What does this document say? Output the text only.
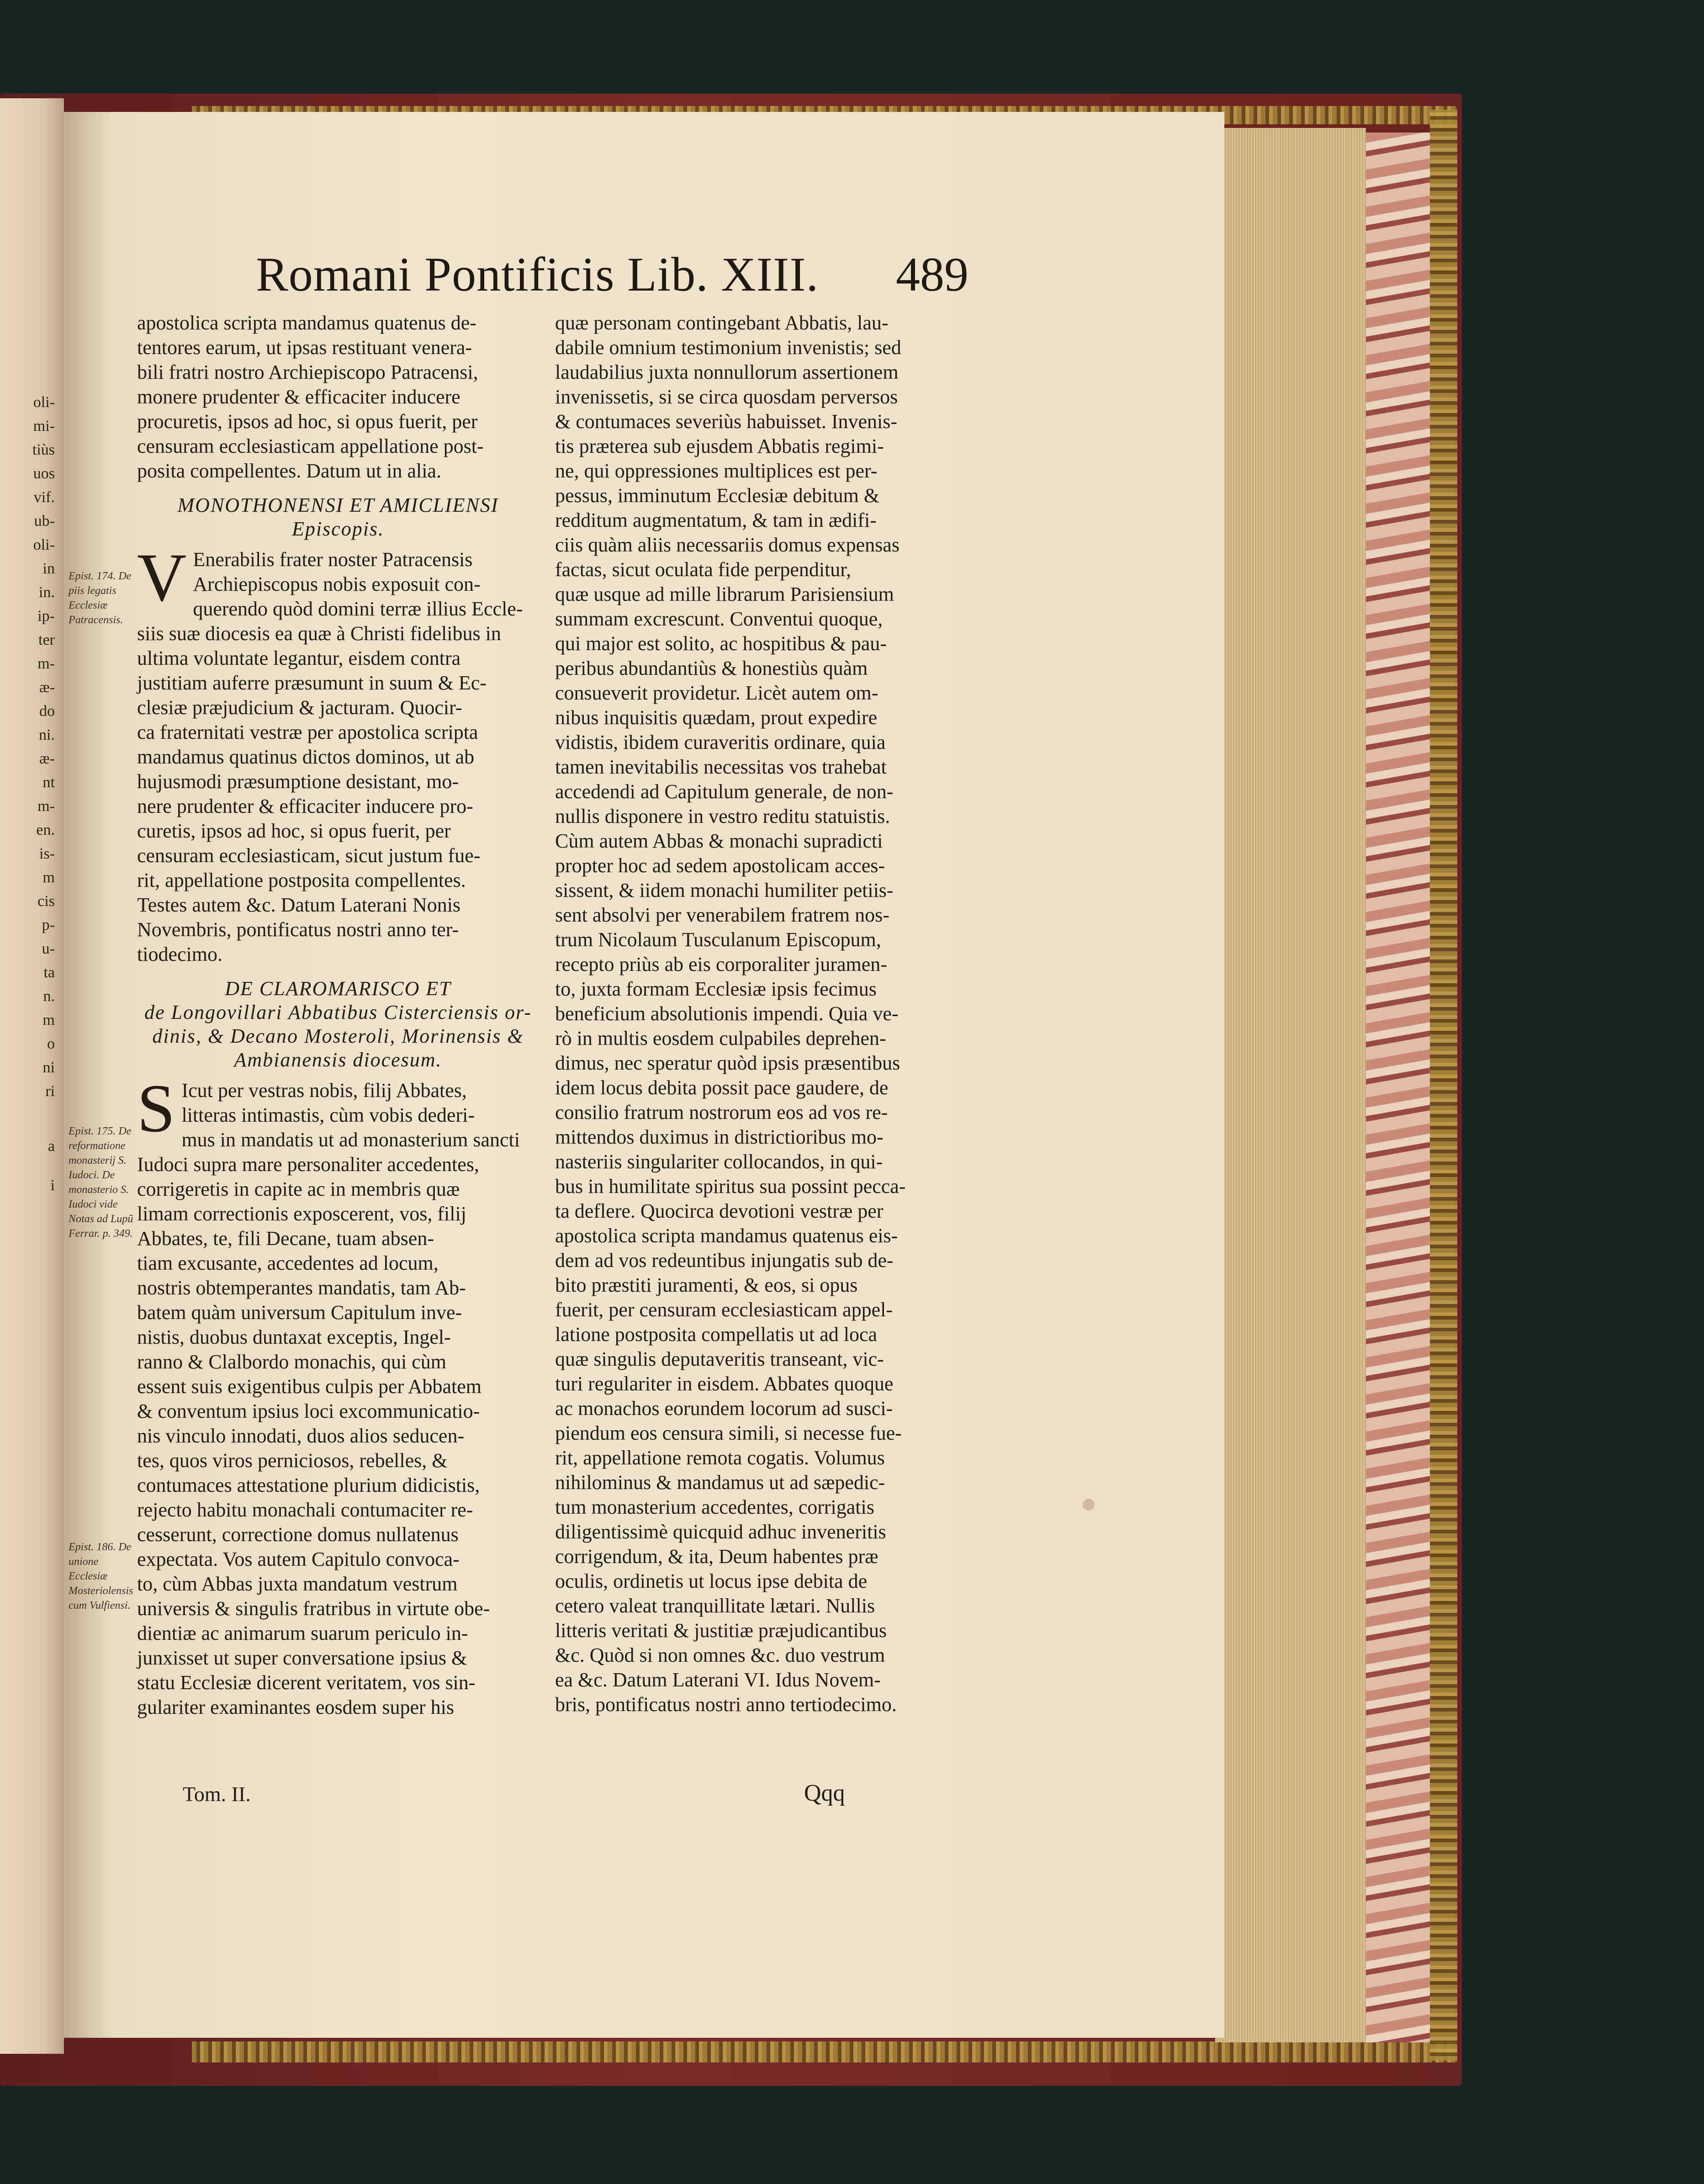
oli-
mi-
tiùs
uos
vif.
ub-
oli-
in
in.
ip-
ter
m-
æ-
do
ni.
æ-
nt
m-
en.
is-
m
cis
p-
u-
ta
n.
m
o
ni
ri
a
i
Romani Pontificis Lib. XIII. 489
Epist. 174. De piis legatis Ecclesiæ Patracensis.
Epist. 175. De reformatione monasterij S. Iudoci. De monasterio S. Iudoci vide Notas ad Lupũ Ferrar. p. 349.
Epist. 186. De unione Ecclesiæ Mosteriolensis cum Vulfiensi.
apostolica scripta mandamus quatenus de-
tentores earum, ut ipsas restituant venera-
bili fratri nostro Archiepiscopo Patracensi,
monere prudenter & efficaciter inducere
procuretis, ipsos ad hoc, si opus fuerit, per
censuram ecclesiasticam appellatione post-
posita compellentes. Datum ut in alia.

MONOTHONENSI ET AMICLIENSI
Episcopis.

V Enerabilis frater noster Patracensis
Archiepiscopus nobis exposuit con-
querendo quòd domini terræ illius Eccle-
siis suæ diocesis ea quæ à Christi fidelibus in
ultima voluntate legantur, eisdem contra
justitiam auferre præsumunt in suum & Ec-
clesiæ præjudicium & jacturam. Quocir-
ca fraternitati vestræ per apostolica scripta
mandamus quatinus dictos dominos, ut ab
hujusmodi præsumptione desistant, mo-
nere prudenter & efficaciter inducere pro-
curetis, ipsos ad hoc, si opus fuerit, per
censuram ecclesiasticam, sicut justum fue-
rit, appellatione postposita compellentes.
Testes autem &c. Datum Laterani Nonis
Novembris, pontificatus nostri anno ter-
tiodecimo.

DE CLAROMARISCO ET
de Longovillari Abbatibus Cisterciensis or-
dinis, & Decano Mosteroli, Morinensis &
Ambianensis diocesum.

S Icut per vestras nobis, filij Abbates,
litteras intimastis, cùm vobis dederi-
mus in mandatis ut ad monasterium sancti
Iudoci supra mare personaliter accedentes,
corrigeretis in capite ac in membris quæ
limam correctionis exposcerent, vos, filij
Abbates, te, fili Decane, tuam absen-
tiam excusante, accedentes ad locum,
nostris obtemperantes mandatis, tam Ab-
batem quàm universum Capitulum inve-
nistis, duobus duntaxat exceptis, Ingel-
ranno & Clalbordo monachis, qui cùm
essent suis exigentibus culpis per Abbatem
& conventum ipsius loci excommunicatio-
nis vinculo innodati, duos alios seducen-
tes, quos viros perniciosos, rebelles, &
contumaces attestatione plurium didicistis,
rejecto habitu monachali contumaciter re-
cesserunt, correctione domus nullatenus
expectata. Vos autem Capitulo convoca-
to, cùm Abbas juxta mandatum vestrum
universis & singulis fratribus in virtute obe-
dientiæ ac animarum suarum periculo in-
junxisset ut super conversatione ipsius &
statu Ecclesiæ dicerent veritatem, vos sin-
gulariter examinantes eosdem super his
quæ personam contingebant Abbatis, lau-
dabile omnium testimonium invenistis; sed
laudabilius juxta nonnullorum assertionem
invenissetis, si se circa quosdam perversos
& contumaces severiùs habuisset. Invenis-
tis præterea sub ejusdem Abbatis regimi-
ne, qui oppressiones multiplices est per-
pessus, imminutum Ecclesiæ debitum &
redditum augmentatum, & tam in ædifi-
ciis quàm aliis necessariis domus expensas
factas, sicut oculata fide perpenditur,
quæ usque ad mille librarum Parisiensium
summam excrescunt. Conventui quoque,
qui major est solito, ac hospitibus & pau-
peribus abundantiùs & honestiùs quàm
consueverit providetur. Licèt autem om-
nibus inquisitis quædam, prout expedire
vidistis, ibidem curaveritis ordinare, quia
tamen inevitabilis necessitas vos trahebat
accedendi ad Capitulum generale, de non-
nullis disponere in vestro reditu statuistis.
Cùm autem Abbas & monachi supradicti
propter hoc ad sedem apostolicam acces-
sissent, & iidem monachi humiliter petiis-
sent absolvi per venerabilem fratrem nos-
trum Nicolaum Tusculanum Episcopum,
recepto priùs ab eis corporaliter juramen-
to, juxta formam Ecclesiæ ipsis fecimus
beneficium absolutionis impendi. Quia ve-
rò in multis eosdem culpabiles deprehen-
dimus, nec speratur quòd ipsis præsentibus
idem locus debita possit pace gaudere, de
consilio fratrum nostrorum eos ad vos re-
mittendos duximus in districtioribus mo-
nasteriis singulariter collocandos, in qui-
bus in humilitate spiritus sua possint pecca-
ta deflere. Quocirca devotioni vestræ per
apostolica scripta mandamus quatenus eis-
dem ad vos redeuntibus injungatis sub de-
bito præstiti juramenti, & eos, si opus
fuerit, per censuram ecclesiasticam appel-
latione postposita compellatis ut ad loca
quæ singulis deputaveritis transeant, vic-
turi regulariter in eisdem. Abbates quoque
ac monachos eorundem locorum ad susci-
piendum eos censura simili, si necesse fue-
rit, appellatione remota cogatis. Volumus
nihilominus & mandamus ut ad sæpedic-
tum monasterium accedentes, corrigatis
diligentissimè quicquid adhuc inveneritis
corrigendum, & ita, Deum habentes præ
oculis, ordinetis ut locus ipse debita de
cetero valeat tranquillitate lætari. Nullis
litteris veritati & justitiæ præjudicantibus
&c. Quòd si non omnes &c. duo vestrum
ea &c. Datum Laterani VI. Idus Novem-
bris, pontificatus nostri anno tertiodecimo.
Tom. II.	Qqq
